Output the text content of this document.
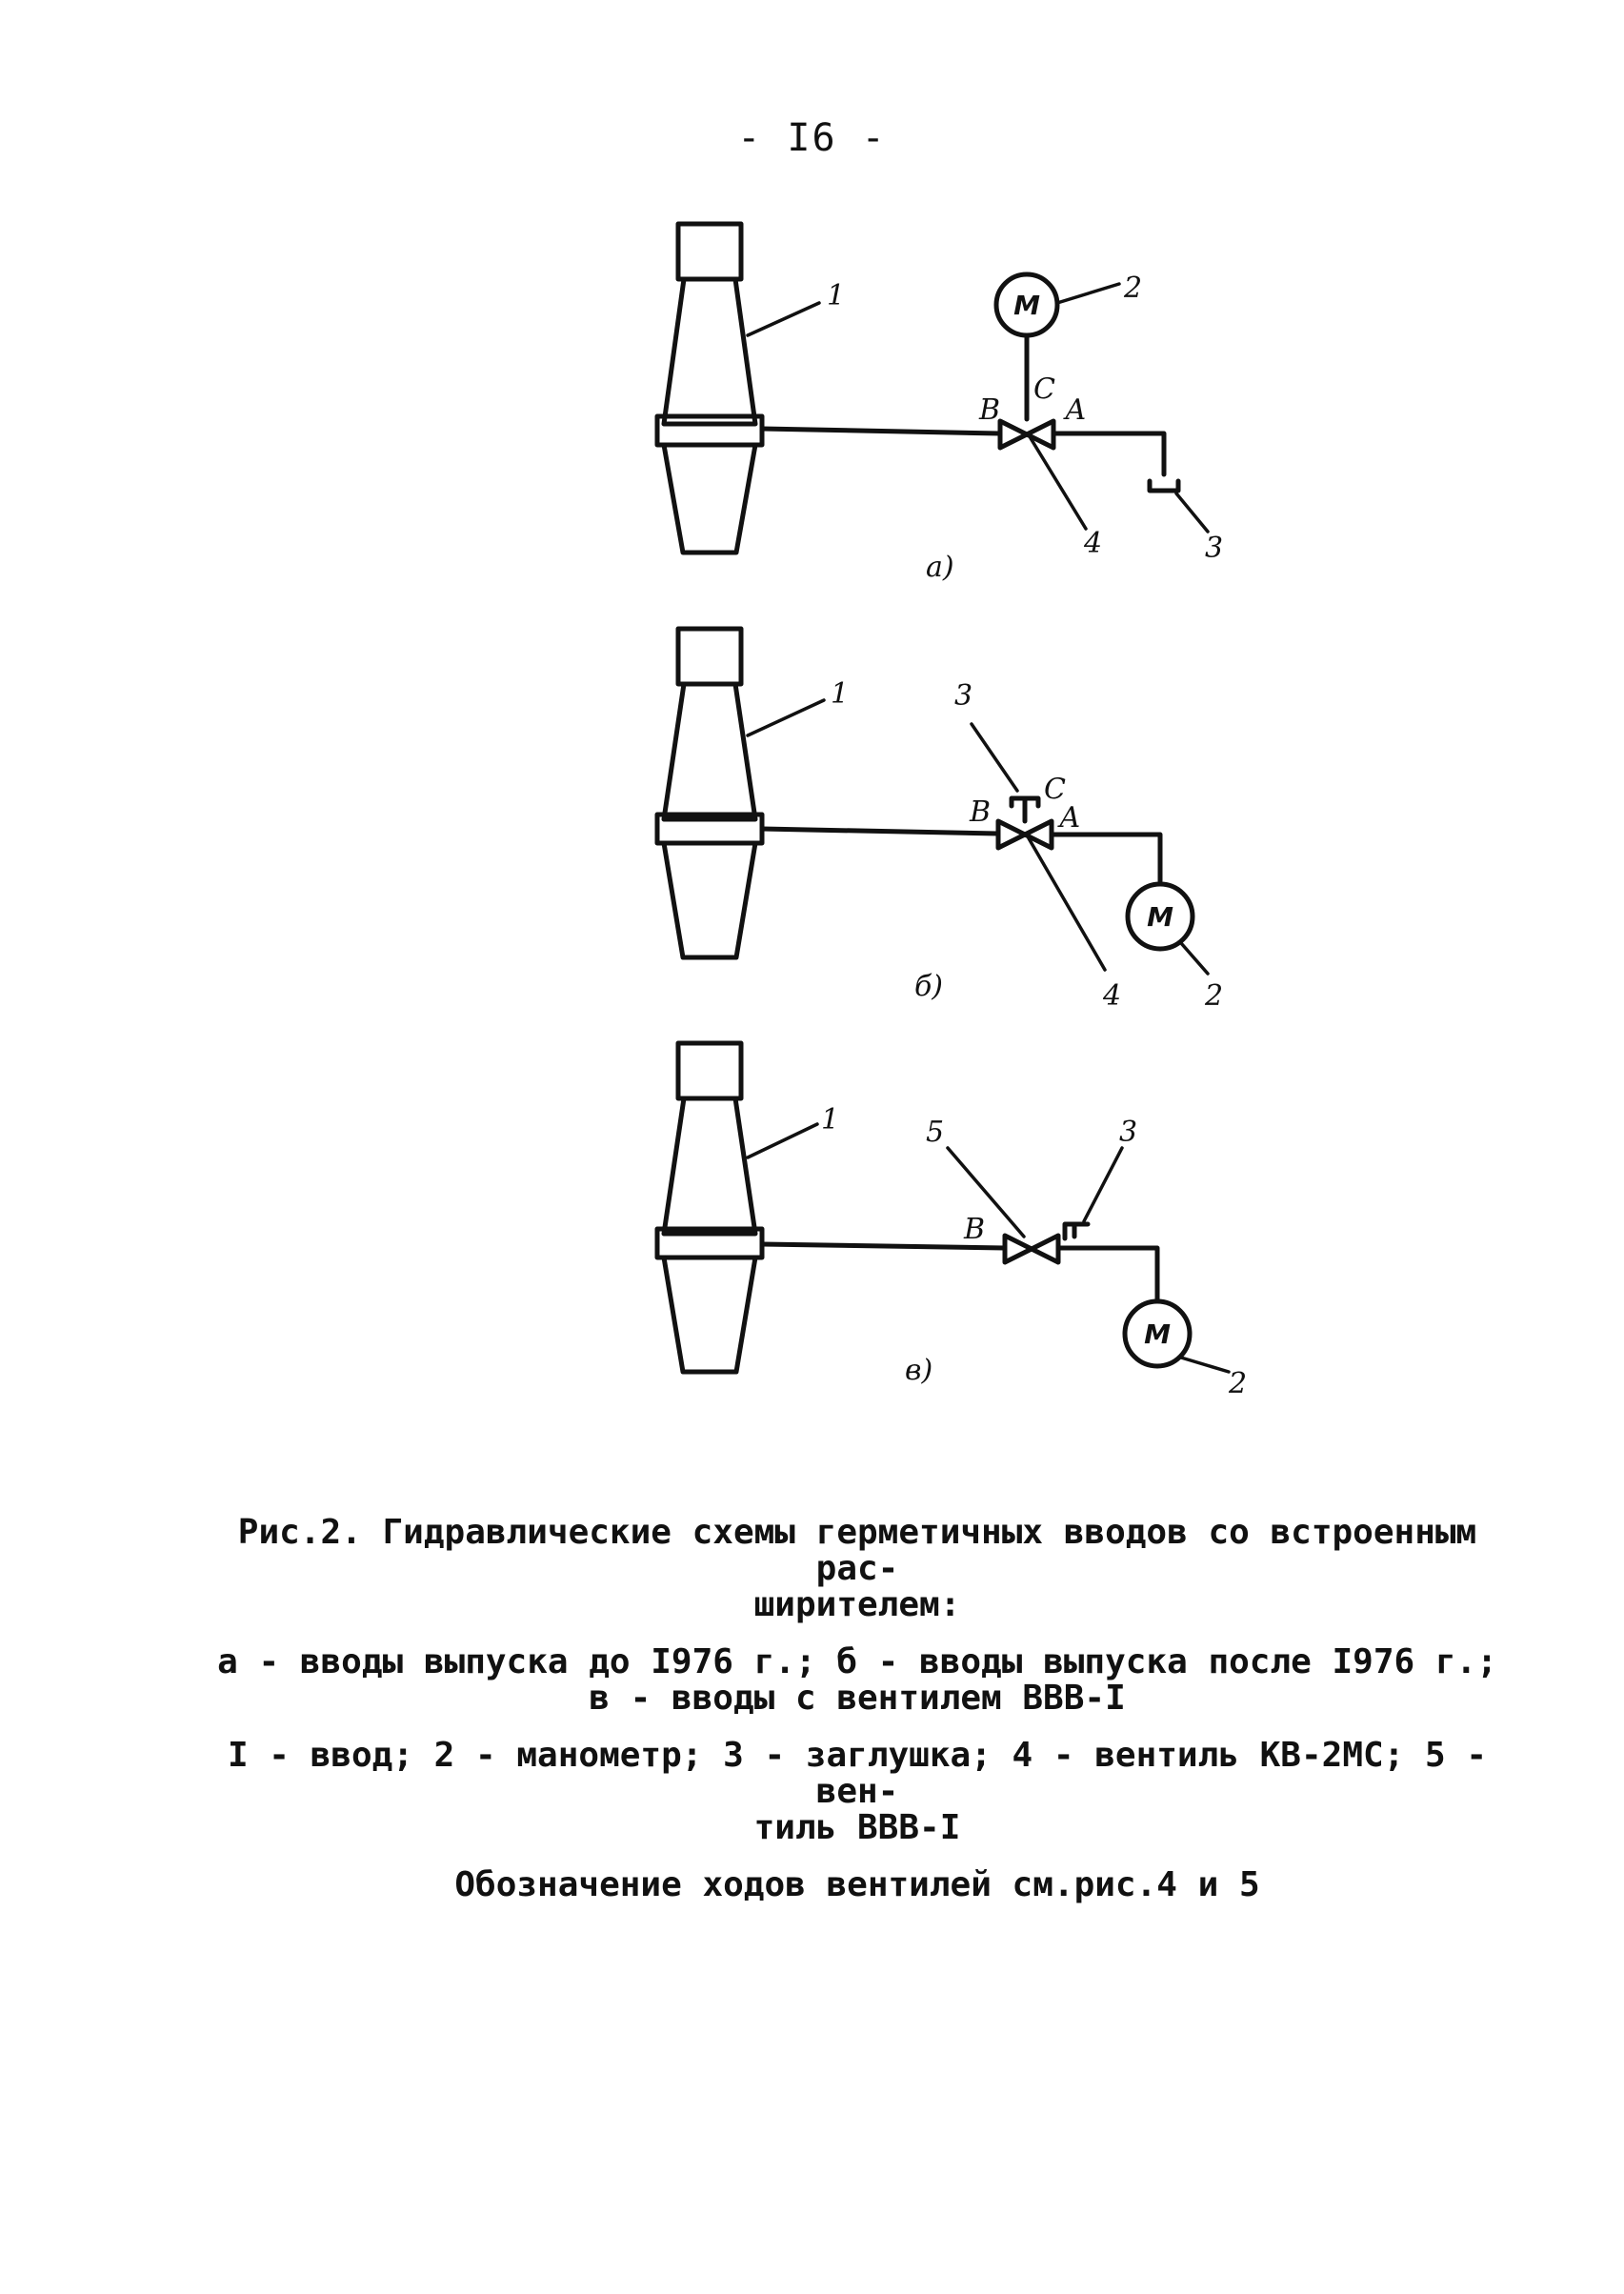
- I6 -
М
2
1
В
С
А
4	3
а)
М
2
1	3
В
С
А
4
б)
М
2
1	5	3
В
в)

Рис.2. Гидравлические схемы герметичных вводов со встроенным рас-
ширителем:

а - вводы выпуска до I976 г.; б - вводы выпуска после I976 г.;
в - вводы с вентилем ВВВ-I

I - ввод; 2 - манометр; 3 - заглушка; 4 - вентиль КВ-2МС; 5 - вен-
тиль ВВВ-I

Обозначение ходов вентилей см.рис.4 и 5
